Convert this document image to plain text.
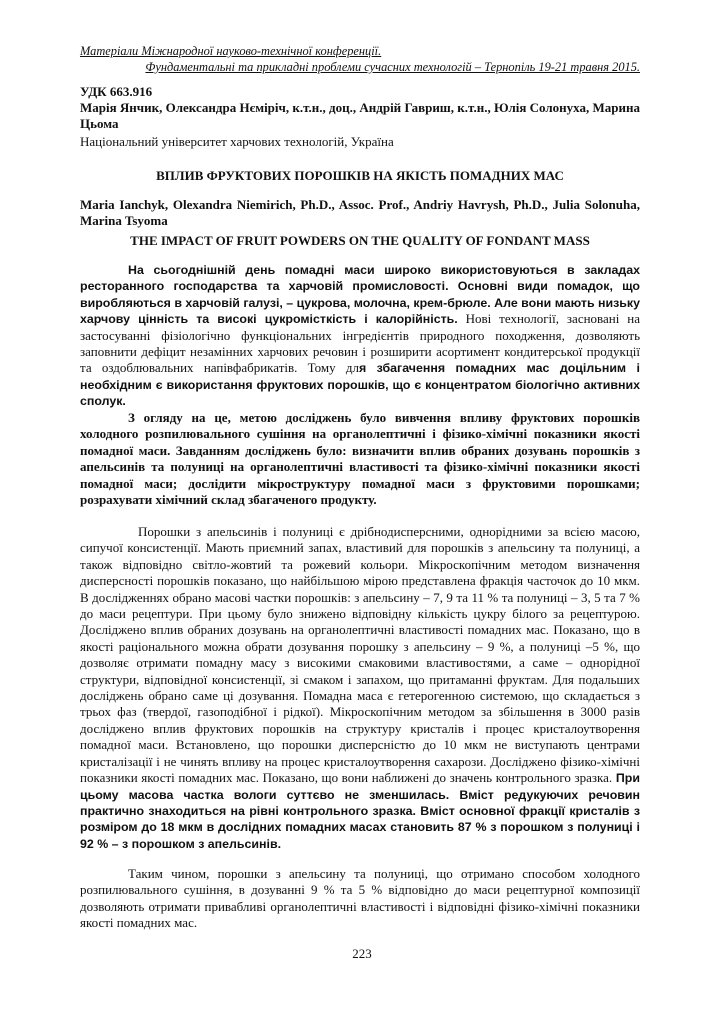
Матеріали Міжнародної науково-технічної конференції.
Фундаментальні та прикладні проблеми сучасних технологій – Тернопіль 19-21 травня 2015.
УДК 663.916
Марія Янчик, Олександра Нємірiч, к.т.н., доц., Андрій Гавриш, к.т.н., Юлія Солонуха, Марина Цьома
Національний університет харчових технологій, Україна
ВПЛИВ ФРУКТОВИХ ПОРОШКІВ НА ЯКІСТЬ ПОМАДНИХ МАС
Maria Ianchyk, Olexandra Niemirich, Ph.D., Assoc. Prof., Andriy Havrysh, Ph.D., Julia Solonuha, Marina Tsyoma
THE IMPACT OF FRUIT POWDERS ON THE QUALITY OF FONDANT MASS
На сьогоднішній день помадні маси широко використовуються в закладах ресторанного господарства та харчовій промисловості. Основні види помадок, що виробляються в харчовій галузі, – цукрова, молочна, крем-брюле. Але вони мають низьку харчову цінність та високі цукромісткість і калорійність. Нові технології, засновані на застосуванні фізіологічно функціональних інгредієнтів природного походження, дозволяють заповнити дефіцит незамінних харчових речовин і розширити асортимент кондитерської продукції та оздоблювальних напівфабрикатів. Тому для збагачення помадних мас доцільним і необхідним є використання фруктових порошків, що є концентратом біологічно активних сполук.
З огляду на це, метою досліджень було вивчення впливу фруктових порошків холодного розпилювального сушіння на органолептичні і фізико-хімічні показники якості помадної маси. Завданням досліджень було: визначити вплив обраних дозувань порошків з апельсинів та полуниці на органолептичні властивості та фізико-хімічні показники якості помадної маси; дослідити мікроструктуру помадної маси з фруктовими порошками; розрахувати хімічний склад збагаченого продукту.
Порошки з апельсинів і полуниці є дрібнодисперсними, однорідними за всією масою, сипучої консистенції. Мають приємний запах, властивий для порошків з апельсину та полуниці, а також відповідно світло-жовтий та рожевий кольори. Мікроскопічним методом визначення дисперсності порошків показано, що найбільшою мірою представлена фракція часточок до 10 мкм. В дослідженнях обрано масові частки порошків: з апельсину – 7, 9 та 11 % та полуниці – 3, 5 та 7 % до маси рецептури. При цьому було знижено відповідну кількість цукру білого за рецептурою. Досліджено вплив обраних дозувань на органолептичні властивості помадних мас. Показано, що в якості раціонального можна обрати дозування порошку з апельсину – 9 %, а полуниці –5 %, що дозволяє отримати помадну масу з високими смаковими властивостями, а саме – однорідної структури, відповідної консистенції, зі смаком і запахом, що притаманні фруктам. Для подальших досліджень обрано саме ці дозування. Помадна маса є гетерогенною системою, що складається з трьох фаз (твердої, газоподібної і рідкої). Мікроскопічним методом за збільшення в 3000 разів досліджено вплив фруктових порошків на структуру кристалів і процес кристалоутворення помадної маси. Встановлено, що порошки дисперсністю до 10 мкм не виступають центрами кристалізації і не чинять впливу на процес кристалоутворення сахарози. Досліджено фізико-хімічні показники якості помадних мас. Показано, що вони наближені до значень контрольного зразка. При цьому масова частка вологи суттєво не зменшилась. Вміст редукуючих речовин практично знаходиться на рівні контрольного зразка. Вміст основної фракції кристалів з розміром до 18 мкм в дослідних помадних масах становить 87 % з порошком з полуниці і 92 % – з порошком з апельсинів.
Таким чином, порошки з апельсину та полуниці, що отримано способом холодного розпилювального сушіння, в дозуванні 9 % та 5 % відповідно до маси рецептурної композиції дозволяють отримати привабливі органолептичні властивості і відповідні фізико-хімічні показники якості помадних мас.
223
